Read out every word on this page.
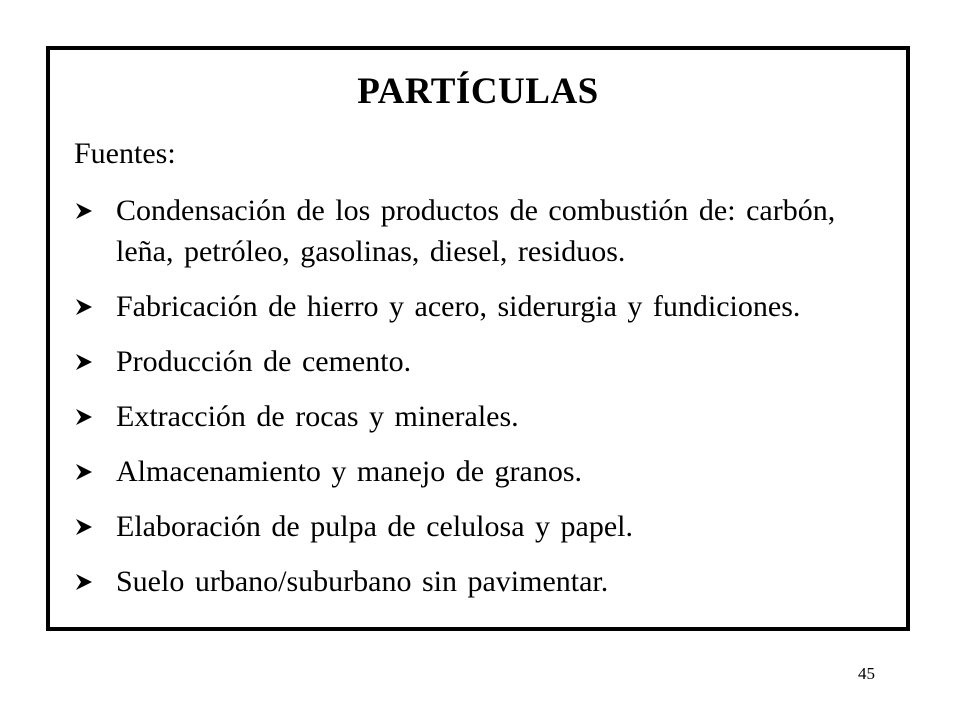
PARTÍCULAS
Fuentes:
Condensación de los productos de combustión de: carbón, leña, petróleo, gasolinas, diesel, residuos.
Fabricación de hierro y acero, siderurgia y fundiciones.
Producción de cemento.
Extracción de rocas y minerales.
Almacenamiento y manejo de granos.
Elaboración de pulpa de celulosa y papel.
Suelo urbano/suburbano sin pavimentar.
45
